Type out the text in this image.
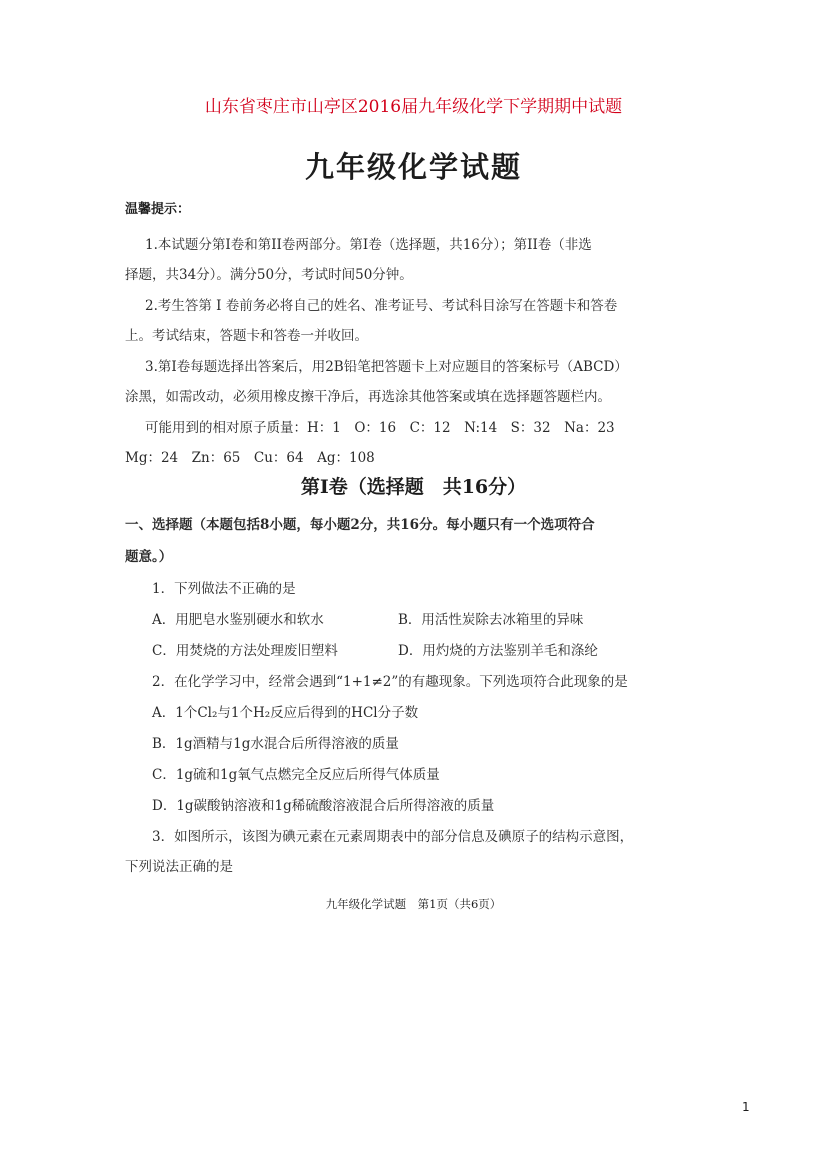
山东省枣庄市山亭区2016届九年级化学下学期期中试题
九年级化学试题
温馨提示：
1.本试题分第I卷和第II卷两部分。第I卷（选择题，共16分）；第II卷（非选
择题，共34分）。满分50分，考试时间50分钟。
2.考生答第 I 卷前务必将自己的姓名、准考证号、考试科目涂写在答题卡和答卷
上。考试结束，答题卡和答卷一并收回。
3.第I卷每题选择出答案后，用2B铅笔把答题卡上对应题目的答案标号（ABCD）
涂黑，如需改动，必须用橡皮擦干净后，再选涂其他答案或填在选择题答题栏内。
可能用到的相对原子质量：H：1　O：16　C：12　N:14　S：32　Na：23
Mg：24　Zn：65　Cu：64　Ag：108
第I卷（选择题　共16分）
一、选择题（本题包括8小题，每小题2分，共16分。每小题只有一个选项符合
题意。）
1．下列做法不正确的是
A．用肥皂水鉴别硬水和软水	B．用活性炭除去冰箱里的异味
C．用焚烧的方法处理废旧塑料	D．用灼烧的方法鉴别羊毛和涤纶
2．在化学学习中，经常会遇到“1+1≠2”的有趣现象。下列选项符合此现象的是
A．1个Cl₂与1个H₂反应后得到的HCl分子数
B．1g酒精与1g水混合后所得溶液的质量
C．1g硫和1g氧气点燃完全反应后所得气体质量
D．1g碳酸钠溶液和1g稀硫酸溶液混合后所得溶液的质量
3．如图所示，该图为碘元素在元素周期表中的部分信息及碘原子的结构示意图，
下列说法正确的是
九年级化学试题　第1页（共6页）
1
